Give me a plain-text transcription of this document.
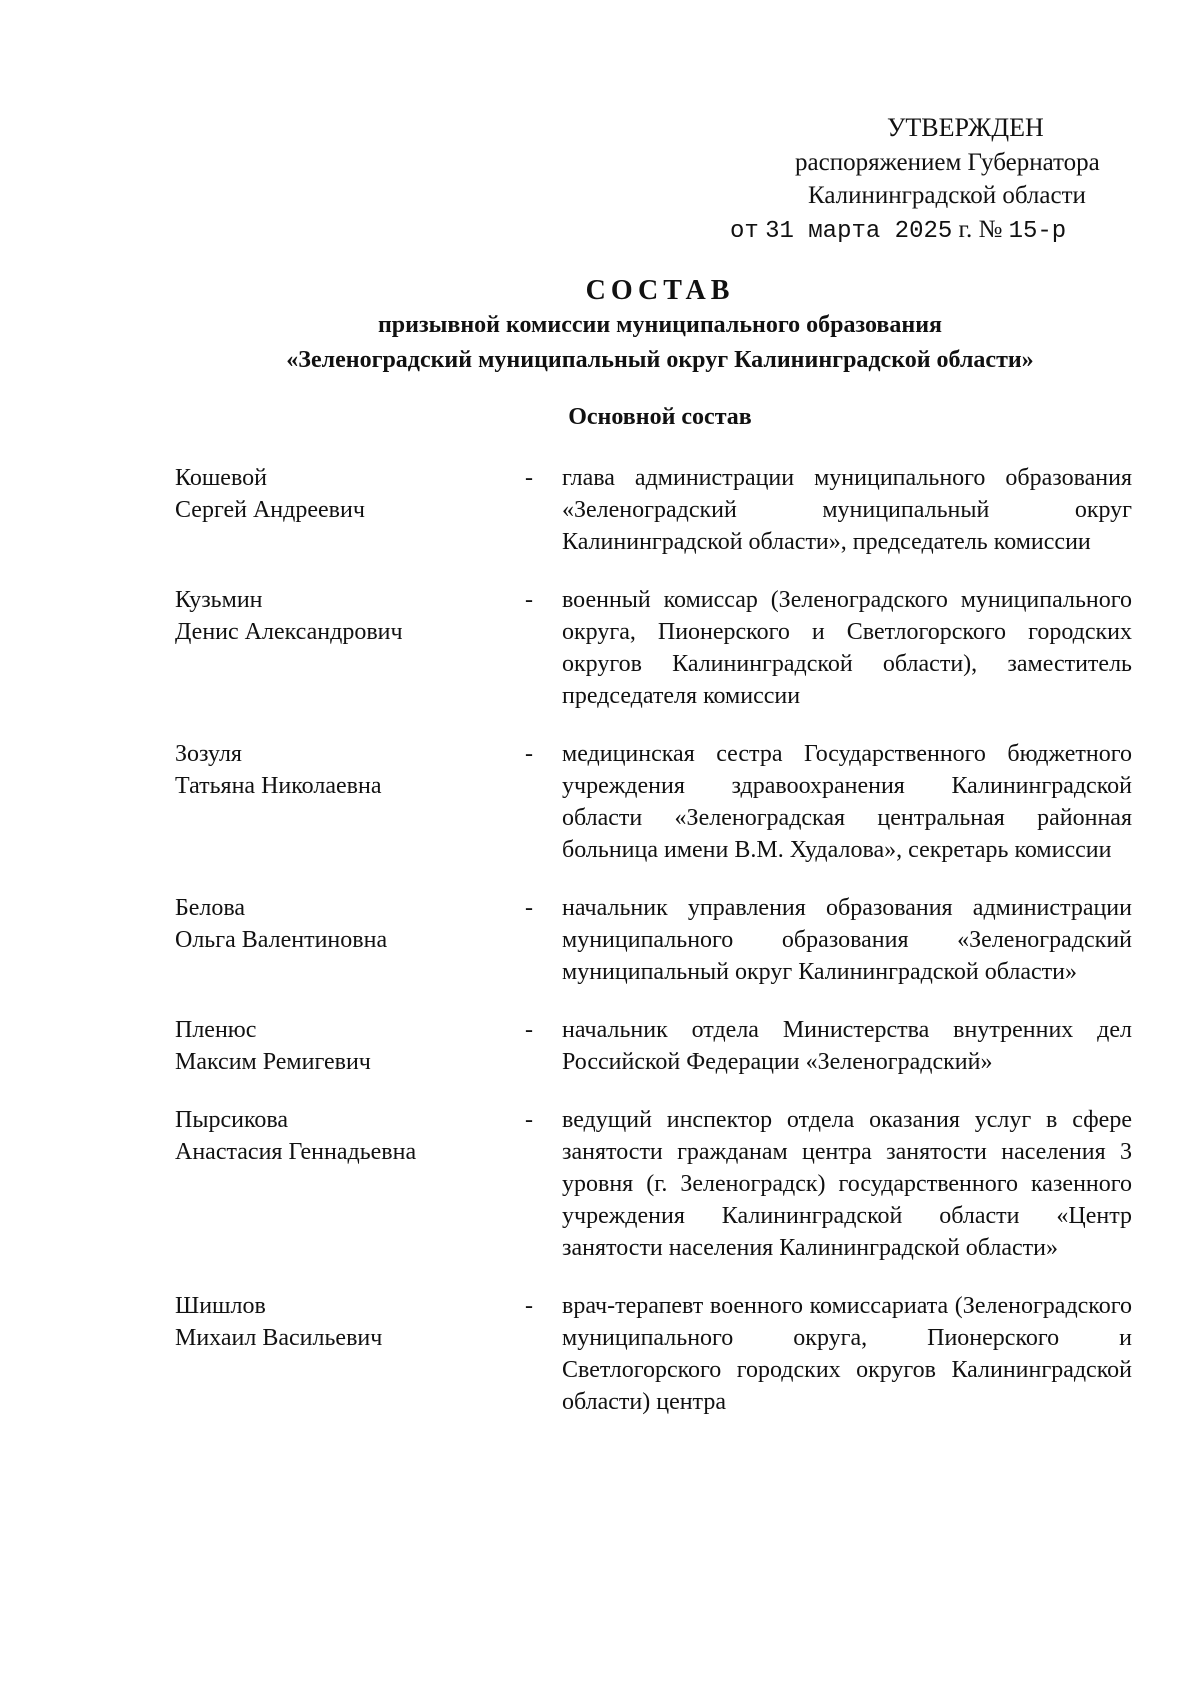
УТВЕРЖДЕН
распоряжением Губернатора
Калининградской области
от 31 марта 2025 г. № 15-р
СОСТАВ
призывной комиссии муниципального образования
«Зеленоградский муниципальный округ Калининградской области»
Основной состав
Кошевой
Сергей Андреевич
- глава администрации муниципального образования «Зеленоградский муниципальный округ Калининградской области», председатель комиссии
Кузьмин
Денис Александрович
- военный комиссар (Зеленоградского муниципального округа, Пионерского и Светлогорского городских округов Калининградской области), заместитель председателя комиссии
Зозуля
Татьяна Николаевна
- медицинская сестра Государственного бюджетного учреждения здравоохранения Калининградской области «Зеленоградская центральная районная больница имени В.М. Худалова», секретарь комиссии
Белова
Ольга Валентиновна
- начальник управления образования администрации муниципального образования «Зеленоградский муниципальный округ Калининградской области»
Пленюс
Максим Ремигевич
- начальник отдела Министерства внутренних дел Российской Федерации «Зеленоградский»
Пырсикова
Анастасия Геннадьевна
- ведущий инспектор отдела оказания услуг в сфере занятости гражданам центра занятости населения 3 уровня (г. Зеленоградск) государственного казенного учреждения Калининградской области «Центр занятости населения Калининградской области»
Шишлов
Михаил Васильевич
- врач-терапевт военного комиссариата (Зеленоградского муниципального округа, Пионерского и Светлогорского городских округов Калининградской области) центра
